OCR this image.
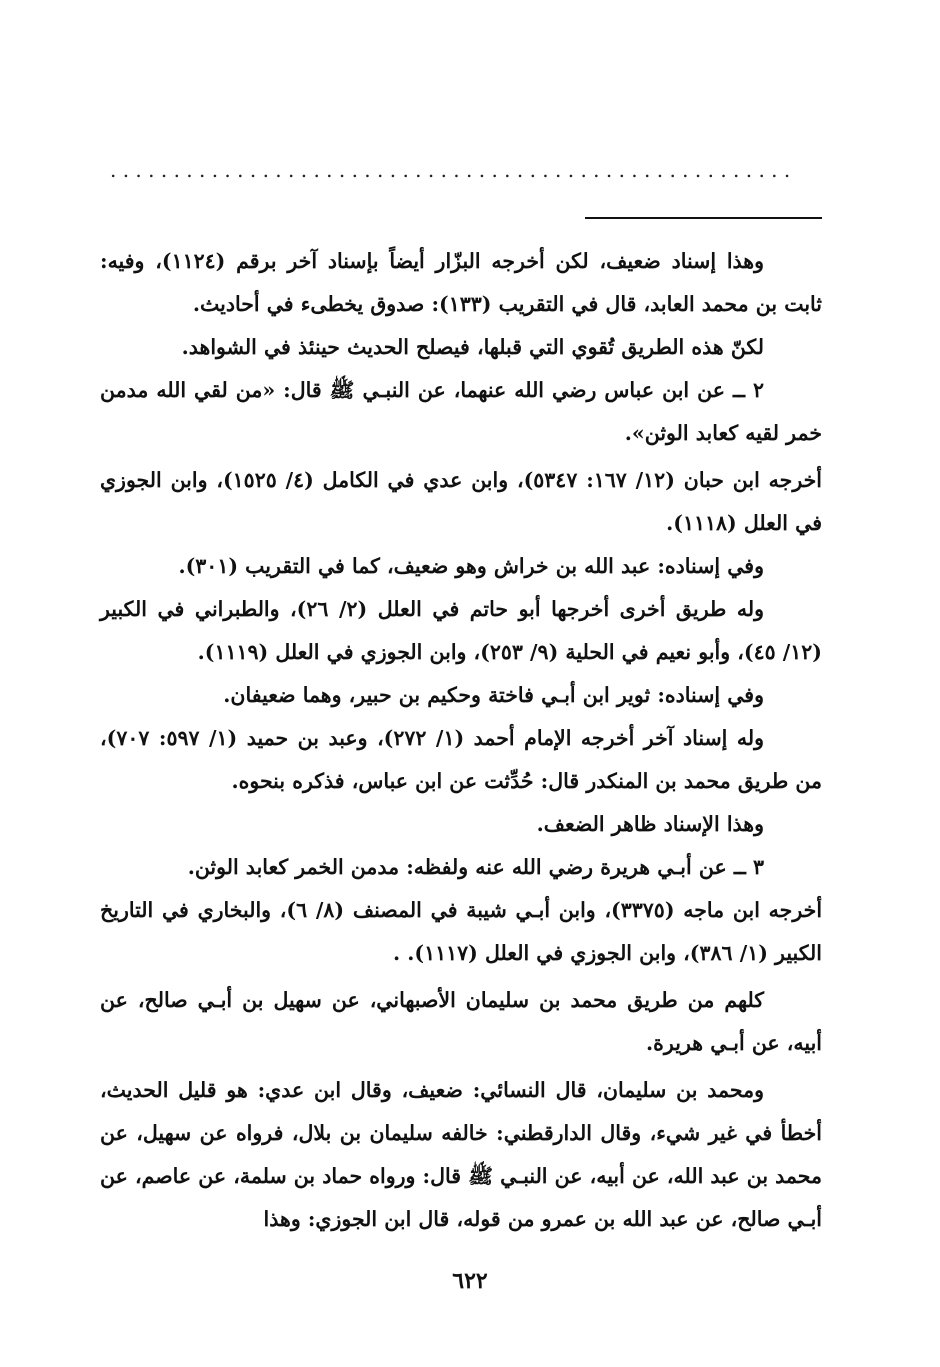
. . . . . . . . . . . . . . . . . . . . . . . . . . . . . . . . . . . . . . . . . . . . . . . . . . . . . .

وهذا إسناد ضعيف، لكن أخرجه البزّار أيضاً بإسناد آخر برقم (١١٢٤)، وفيه: ثابت بن محمد العابد، قال في التقريب (١٣٣): صدوق يخطىء في أحاديث.

لكنّ هذه الطريق تُقوي التي قبلها، فيصلح الحديث حينئذ في الشواهد.

٢ ــ عن ابن عباس رضي الله عنهما، عن النبـي ﷺ قال: «من لقي الله مدمن خمر لقيه كعابد الوثن».

أخرجه ابن حبان (١٢/ ١٦٧: ٥٣٤٧)، وابن عدي في الكامل (٤/ ١٥٢٥)، وابن الجوزي في العلل (١١١٨).

وفي إسناده: عبد الله بن خراش وهو ضعيف، كما في التقريب (٣٠١).

وله طريق أخرى أخرجها أبو حاتم في العلل (٢/ ٢٦)، والطبراني في الكبير (١٢/ ٤٥)، وأبو نعيم في الحلية (٩/ ٢٥٣)، وابن الجوزي في العلل (١١١٩).

وفي إسناده: ثوير ابن أبـي فاختة وحكيم بن حبير، وهما ضعيفان.

وله إسناد آخر أخرجه الإمام أحمد (١/ ٢٧٢)، وعبد بن حميد (١/ ٥٩٧: ٧٠٧)، من طريق محمد بن المنكدر قال: حُدِّثت عن ابن عباس، فذكره بنحوه.

وهذا الإسناد ظاهر الضعف.

٣ ــ عن أبـي هريرة رضي الله عنه ولفظه: مدمن الخمر كعابد الوثن.

أخرجه ابن ماجه (٣٣٧٥)، وابن أبـي شيبة في المصنف (٨/ ٦)، والبخاري في التاريخ الكبير (١/ ٣٨٦)، وابن الجوزي في العلل (١١١٧). .

كلهم من طريق محمد بن سليمان الأصبهاني، عن سهيل بن أبـي صالح، عن أبيه، عن أبـي هريرة.

ومحمد بن سليمان، قال النسائي: ضعيف، وقال ابن عدي: هو قليل الحديث، أخطأ في غير شيء، وقال الدارقطني: خالفه سليمان بن بلال، فرواه عن سهيل، عن محمد بن عبد الله، عن أبيه، عن النبـي ﷺ قال: ورواه حماد بن سلمة، عن عاصم، عن أبـي صالح، عن عبد الله بن عمرو من قوله، قال ابن الجوزي: وهذا

٦٢٢
